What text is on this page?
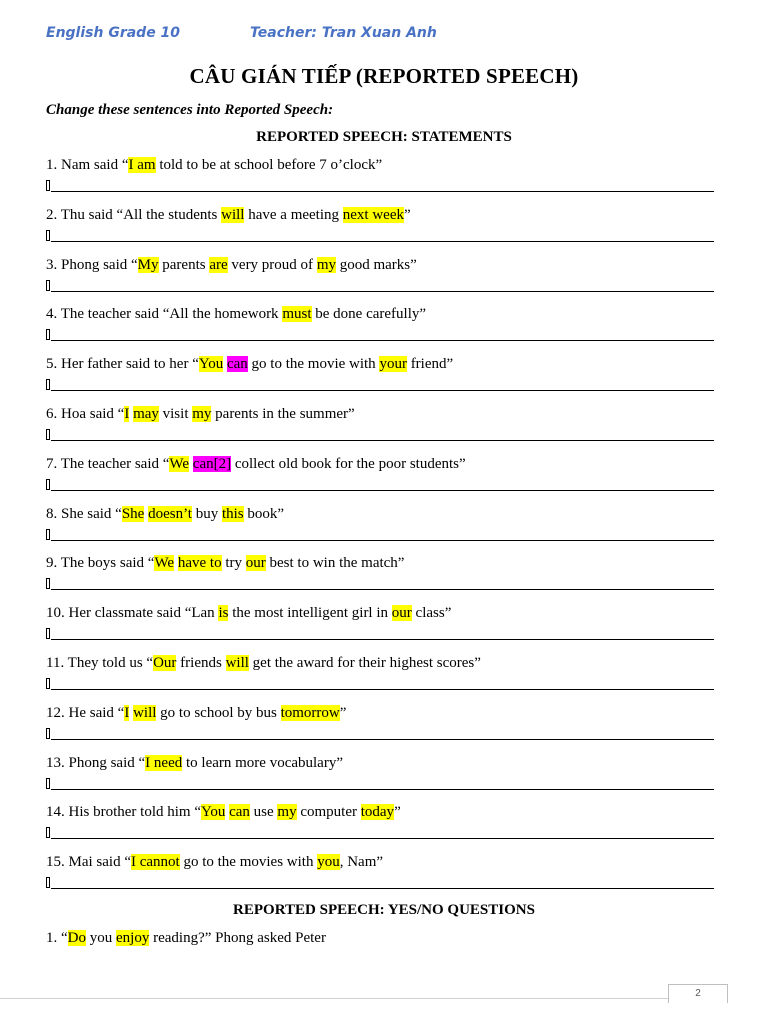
English Grade 10	Teacher: Tran Xuan Anh
CÂU GIÁN TIẾP (REPORTED SPEECH)
Change these sentences into Reported Speech:
REPORTED SPEECH: STATEMENTS
1. Nam said “I am told to be at school before 7 o’clock”
2. Thu said “All the students will have a meeting next week”
3. Phong said “My parents are very proud of my good marks”
4. The teacher said “All the homework must be done carefully”
5. Her father said to her “You can go to the movie with your friend”
6. Hoa said “I may visit my parents in the summer”
7. The teacher said “We can[2] collect old book for the poor students”
8. She said “She doesn’t buy this book”
9. The boys said “We have to try our best to win the match”
10. Her classmate said “Lan is the most intelligent girl in our class”
11. They told us “Our friends will get the award for their highest scores”
12. He said “I will go to school by bus tomorrow”
13. Phong said “I need to learn more vocabulary”
14. His brother told him “You can use my computer today”
15. Mai said “I cannot go to the movies with you, Nam”
REPORTED SPEECH: YES/NO QUESTIONS
1. “Do you enjoy reading?” Phong asked Peter
2
